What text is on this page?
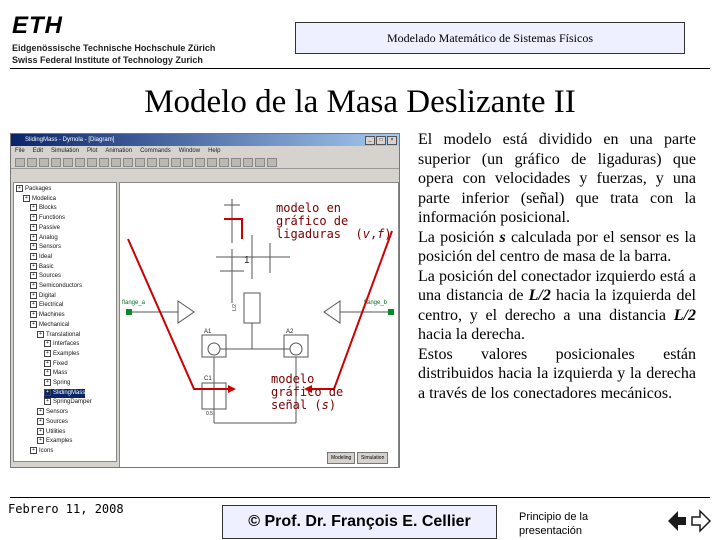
ETH
Eidgenössische Technische Hochschule Zürich
Swiss Federal Institute of Technology Zurich
Modelado Matemático de Sistemas Físicos
Modelo de la Masa Deslizante II
SlidingMass - Dymola - [Diagram]	_	□	×
File Edit Simulation Plot Animation Commands Window Help
+ Packages
+ Modelica
+ Blocks
+ Functions
+ Passive
+ Analog
+ Sensors
+ Ideal
+ Basic
+ Sources
+ Semiconductors
+ Digital
+ Electrical
+ Machines
+ Mechanical
+ Translational
+ Interfaces
+ Examples
+ Fixed
+ Mass
+ Spring
+ SlidingMass
+ SpringDamper
+ Sensors
+ Sources
+ Utilities
+ Examples
+ Icons
1
flange_a	flange_b
L/2
A1	A2
C1
0.5
Modeling	Simulation
modelo en
gráfico de
ligaduras  (v,f)
modelo
gráfico de
señal (s)

El modelo está dividido en una parte superior (un gráfico de ligaduras) que opera con velocidades y fuerzas, y una parte inferior (señal) que trata con la información posicional.

La posición s calculada por el sensor es la posición del centro de masa de la barra.

La posición del conectador izquierdo está a una distancia de L/2 hacia la izquierda del centro, y el derecho a una distancia L/2 hacia la derecha.

Estos valores posicionales están distribuidos hacia la izquierda y la derecha a través de los conectadores mecánicos.

Febrero 11, 2008
© Prof. Dr. François E. Cellier	Principio de la presentación
